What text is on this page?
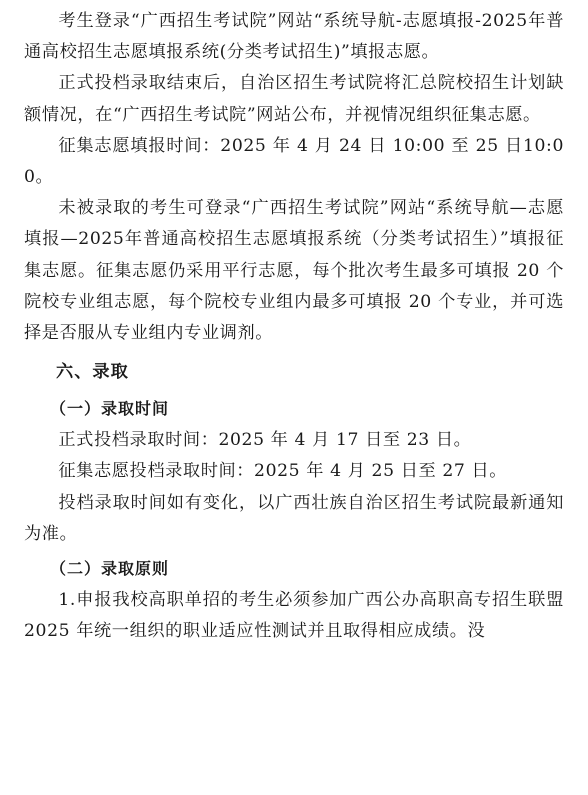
考生登录“广西招生考试院”网站“系统导航-志愿填报-2025年普通高校招生志愿填报系统(分类考试招生)”填报志愿。

正式投档录取结束后，自治区招生考试院将汇总院校招生计划缺额情况，在“广西招生考试院”网站公布，并视情况组织征集志愿。

征集志愿填报时间：2025 年 4 月 24 日 10:00 至 25 日10:00。

未被录取的考生可登录“广西招生考试院”网站“系统导航—志愿填报—2025年普通高校招生志愿填报系统（分类考试招生）”填报征集志愿。征集志愿仍采用平行志愿，每个批次考生最多可填报 20 个院校专业组志愿，每个院校专业组内最多可填报 20 个专业，并可选择是否服从专业组内专业调剂。

六、录取
（一）录取时间

正式投档录取时间：2025 年 4 月 17 日至 23 日。

征集志愿投档录取时间：2025 年 4 月 25 日至 27 日。

投档录取时间如有变化，以广西壮族自治区招生考试院最新通知为准。

（二）录取原则

1.申报我校高职单招的考生必须参加广西公办高职高专招生联盟 2025 年统一组织的职业适应性测试并且取得相应成绩。没
